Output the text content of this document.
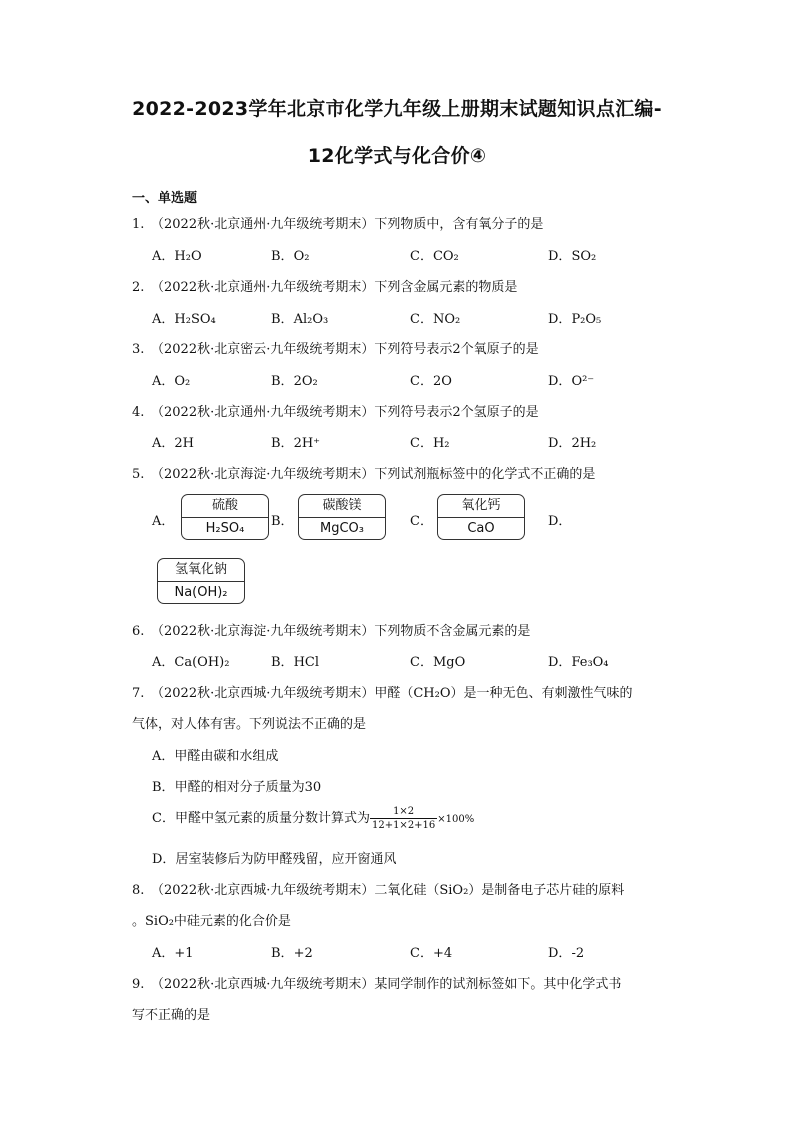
2022-2023学年北京市化学九年级上册期末试题知识点汇编-
12化学式与化合价④
一、单选题
1. （2022秋·北京通州·九年级统考期末）下列物质中，含有氧分子的是
A．H₂O	B．O₂	C．CO₂	D．SO₂
2. （2022秋·北京通州·九年级统考期末）下列含金属元素的物质是
A．H₂SO₄	B．Al₂O₃	C．NO₂	D．P₂O₅
3. （2022秋·北京密云·九年级统考期末）下列符号表示2个氧原子的是
A．O₂	B．2O₂	C．2O	D．O²⁻
4. （2022秋·北京通州·九年级统考期末）下列符号表示2个氢原子的是
A．2H	B．2H⁺	C．H₂	D．2H₂
5. （2022秋·北京海淀·九年级统考期末）下列试剂瓶标签中的化学式不正确的是
A．
硫酸
H₂SO₄	B．
碳酸镁
MgCO₃	C．
氧化钙
CaO	D．
氢氧化钠
Na(OH)₂
6. （2022秋·北京海淀·九年级统考期末）下列物质不含金属元素的是
A．Ca(OH)₂	B．HCl	C．MgO	D．Fe₃O₄
7. （2022秋·北京西城·九年级统考期末）甲醛（CH₂O）是一种无色、有刺激性气味的
气体，对人体有害。下列说法不正确的是
A．甲醛由碳和水组成
B．甲醛的相对分子质量为30
C．甲醛中氢元素的质量分数计算式为 $\frac{1\times 2}{12+1\times 2+16} \times 100\%$
D．居室装修后为防甲醛残留，应开窗通风
8. （2022秋·北京西城·九年级统考期末）二氧化硅（SiO₂）是制备电子芯片硅的原料
。SiO₂中硅元素的化合价是
A．+1	B．+2	C．+4	D．-2
9. （2022秋·北京西城·九年级统考期末）某同学制作的试剂标签如下。其中化学式书
写不正确的是
